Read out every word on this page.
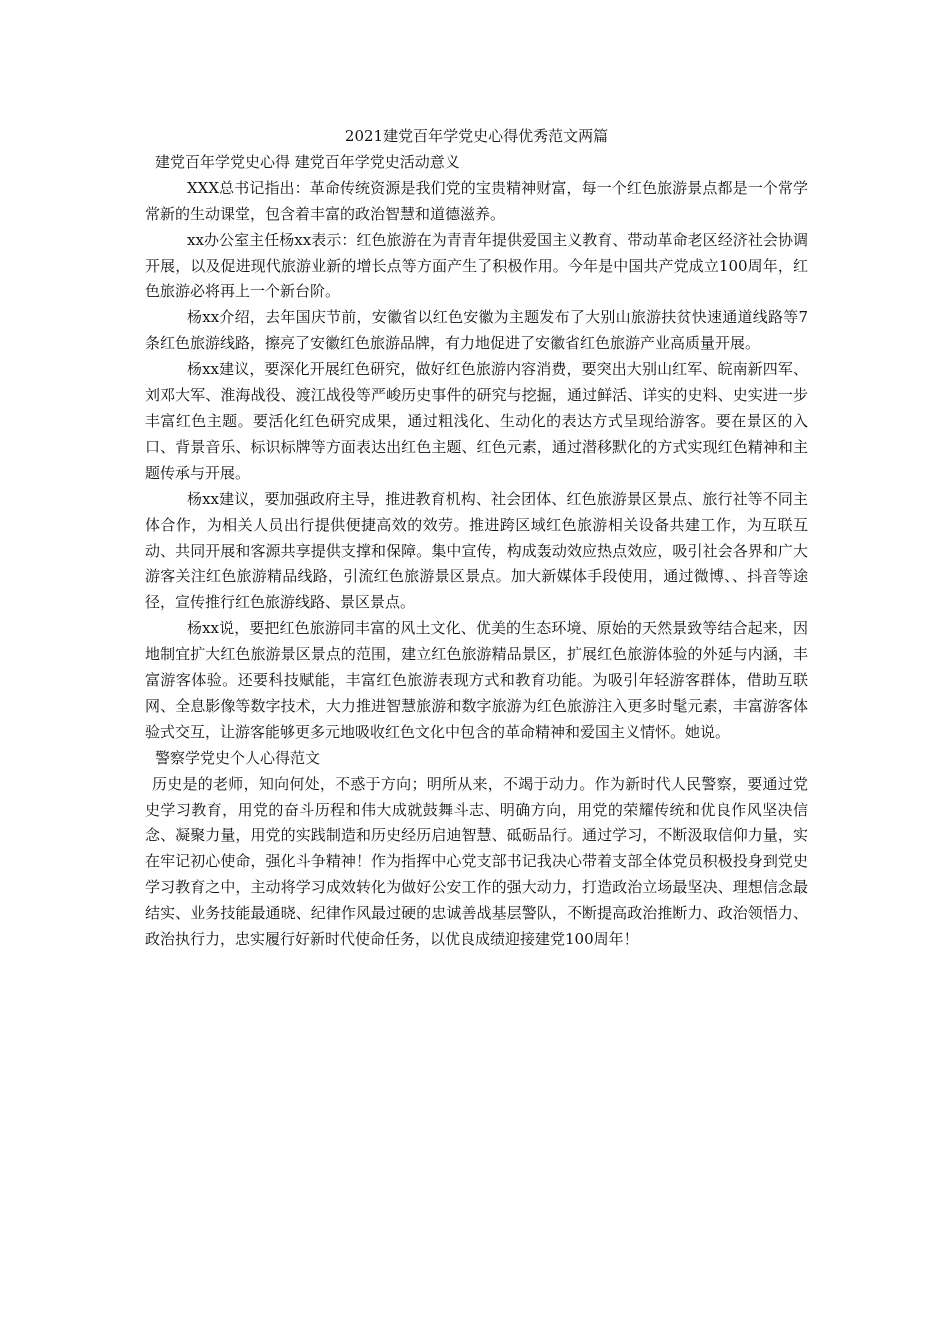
2021建党百年学党史心得优秀范文两篇

建党百年学党史心得 建党百年学党史活动意义

XXX总书记指出：革命传统资源是我们党的宝贵精神财富，每一个红色旅游景点都是一个常学常新的生动课堂，包含着丰富的政治智慧和道德滋养。

xx办公室主任杨xx表示：红色旅游在为青青年提供爱国主义教育、带动革命老区经济社会协调开展，以及促进现代旅游业新的增长点等方面产生了积极作用。今年是中国共产党成立100周年，红色旅游必将再上一个新台阶。

杨xx介绍，去年国庆节前，安徽省以红色安徽为主题发布了大别山旅游扶贫快速通道线路等7条红色旅游线路，擦亮了安徽红色旅游品牌，有力地促进了安徽省红色旅游产业高质量开展。

杨xx建议，要深化开展红色研究，做好红色旅游内容消费，要突出大别山红军、皖南新四军、刘邓大军、淮海战役、渡江战役等严峻历史事件的研究与挖掘，通过鲜活、详实的史料、史实进一步丰富红色主题。要活化红色研究成果，通过粗浅化、生动化的表达方式呈现给游客。要在景区的入口、背景音乐、标识标牌等方面表达出红色主题、红色元素，通过潜移默化的方式实现红色精神和主题传承与开展。

杨xx建议，要加强政府主导，推进教育机构、社会团体、红色旅游景区景点、旅行社等不同主体合作，为相关人员出行提供便捷高效的效劳。推进跨区域红色旅游相关设备共建工作，为互联互动、共同开展和客源共享提供支撑和保障。集中宣传，构成轰动效应热点效应，吸引社会各界和广大游客关注红色旅游精品线路，引流红色旅游景区景点。加大新媒体手段使用，通过微博、、抖音等途径，宣传推行红色旅游线路、景区景点。

杨xx说，要把红色旅游同丰富的风土文化、优美的生态环境、原始的天然景致等结合起来，因地制宜扩大红色旅游景区景点的范围，建立红色旅游精品景区，扩展红色旅游体验的外延与内涵，丰富游客体验。还要科技赋能，丰富红色旅游表现方式和教育功能。为吸引年轻游客群体，借助互联网、全息影像等数字技术，大力推进智慧旅游和数字旅游为红色旅游注入更多时髦元素，丰富游客体验式交互，让游客能够更多元地吸收红色文化中包含的革命精神和爱国主义情怀。她说。

警察学党史个人心得范文

历史是的老师，知向何处，不惑于方向；明所从来，不竭于动力。作为新时代人民警察，要通过党史学习教育，用党的奋斗历程和伟大成就鼓舞斗志、明确方向，用党的荣耀传统和优良作风坚决信念、凝聚力量，用党的实践制造和历史经历启迪智慧、砥砺品行。通过学习，不断汲取信仰力量，实在牢记初心使命，强化斗争精神！作为指挥中心党支部书记我决心带着支部全体党员积极投身到党史学习教育之中，主动将学习成效转化为做好公安工作的强大动力，打造政治立场最坚决、理想信念最结实、业务技能最通晓、纪律作风最过硬的忠诚善战基层警队，不断提高政治推断力、政治领悟力、政治执行力，忠实履行好新时代使命任务，以优良成绩迎接建党100周年！
